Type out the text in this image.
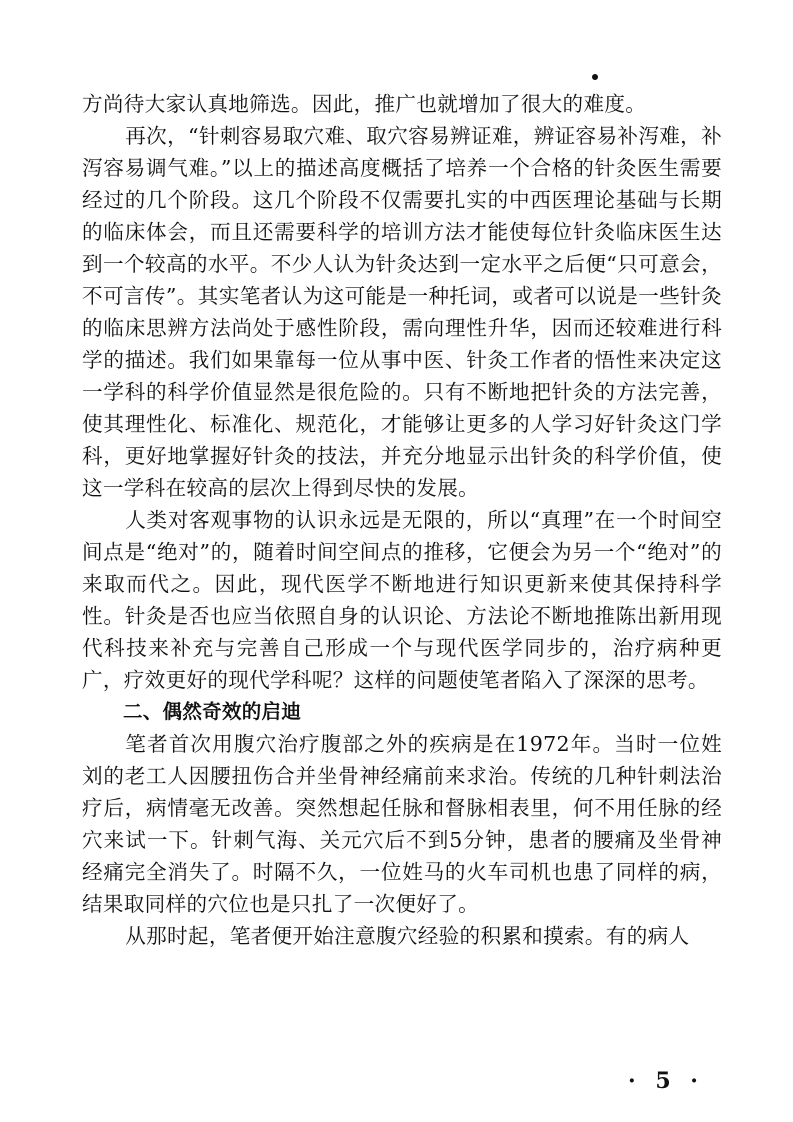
方尚待大家认真地筛选。因此，推广也就增加了很大的难度。

再次，“针刺容易取穴难、取穴容易辨证难，辨证容易补泻难，补泻容易调气难。”以上的描述高度概括了培养一个合格的针灸医生需要经过的几个阶段。这几个阶段不仅需要扎实的中西医理论基础与长期的临床体会，而且还需要科学的培训方法才能使每位针灸临床医生达到一个较高的水平。不少人认为针灸达到一定水平之后便“只可意会，不可言传”。其实笔者认为这可能是一种托词，或者可以说是一些针灸的临床思辨方法尚处于感性阶段，需向理性升华，因而还较难进行科学的描述。我们如果靠每一位从事中医、针灸工作者的悟性来决定这一学科的科学价值显然是很危险的。只有不断地把针灸的方法完善，使其理性化、标准化、规范化，才能够让更多的人学习好针灸这门学科，更好地掌握好针灸的技法，并充分地显示出针灸的科学价值，使这一学科在较高的层次上得到尽快的发展。

人类对客观事物的认识永远是无限的，所以“真理”在一个时间空间点是“绝对”的，随着时间空间点的推移，它便会为另一个“绝对”的来取而代之。因此，现代医学不断地进行知识更新来使其保持科学性。针灸是否也应当依照自身的认识论、方法论不断地推陈出新用现代科技来补充与完善自己形成一个与现代医学同步的，治疗病种更广，疗效更好的现代学科呢？这样的问题使笔者陷入了深深的思考。

二、偶然奇效的启迪

笔者首次用腹穴治疗腹部之外的疾病是在1972年。当时一位姓刘的老工人因腰扭伤合并坐骨神经痛前来求治。传统的几种针刺法治疗后，病情毫无改善。突然想起任脉和督脉相表里，何不用任脉的经穴来试一下。针刺气海、关元穴后不到5分钟，患者的腰痛及坐骨神经痛完全消失了。时隔不久，一位姓马的火车司机也患了同样的病，结果取同样的穴位也是只扎了一次便好了。

从那时起，笔者便开始注意腹穴经验的积累和摸索。有的病人

· 5 ·
